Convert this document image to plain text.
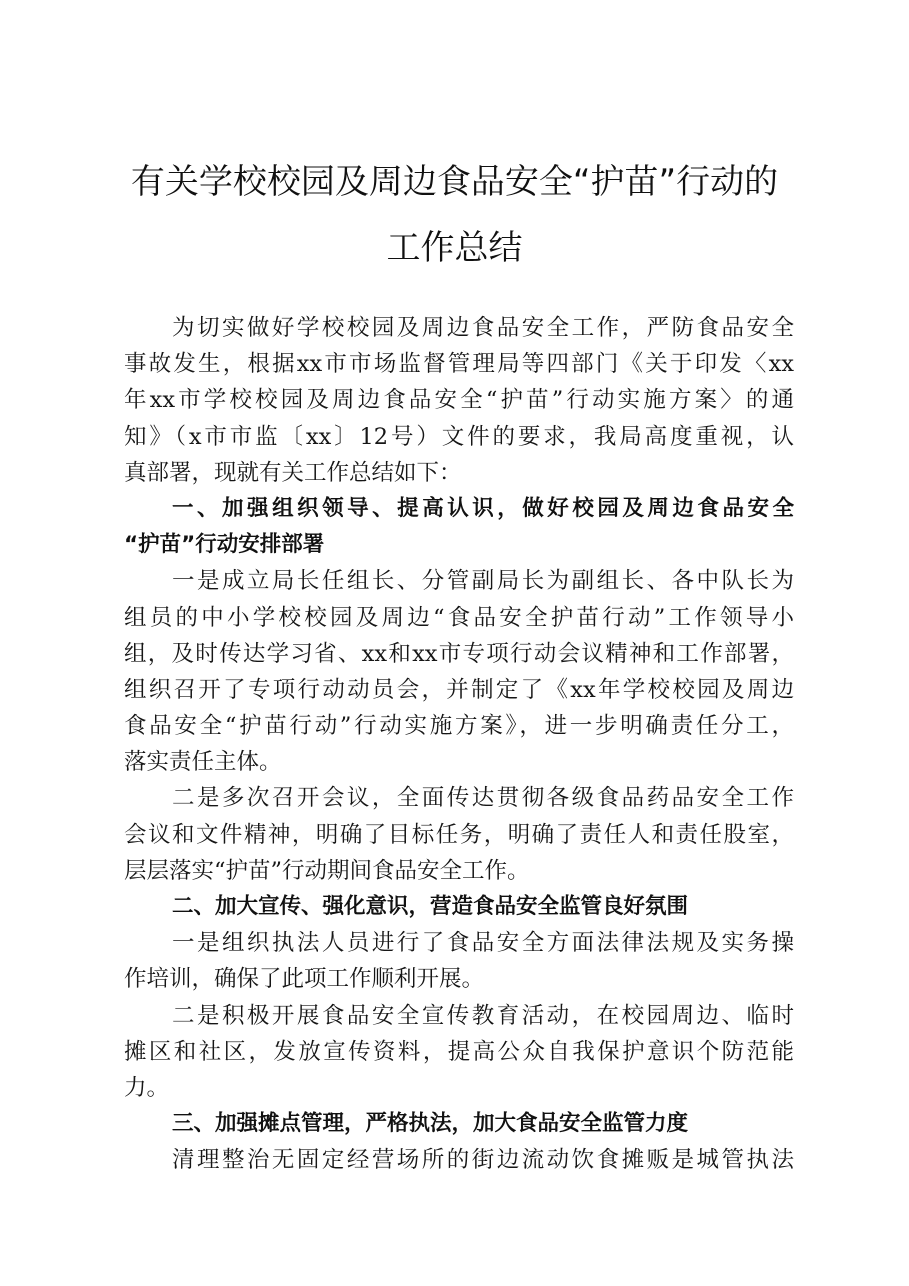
有关学校校园及周边食品安全“护苗”行动的
工作总结
为切实做好学校校园及周边食品安全工作，严防食品安全
事故发生，根据xx市市场监督管理局等四部门《关于印发〈xx
年xx市学校校园及周边食品安全“护苗”行动实施方案〉的通
知》（x市市监〔xx〕12号）文件的要求，我局高度重视，认
真部署，现就有关工作总结如下：
一、加强组织领导、提高认识，做好校园及周边食品安全
“护苗”行动安排部署
一是成立局长任组长、分管副局长为副组长、各中队长为
组员的中小学校校园及周边“食品安全护苗行动”工作领导小
组，及时传达学习省、xx和xx市专项行动会议精神和工作部署，
组织召开了专项行动动员会，并制定了《xx年学校校园及周边
食品安全“护苗行动”行动实施方案》，进一步明确责任分工，
落实责任主体。
二是多次召开会议，全面传达贯彻各级食品药品安全工作
会议和文件精神，明确了目标任务，明确了责任人和责任股室，
层层落实“护苗”行动期间食品安全工作。
二、加大宣传、强化意识，营造食品安全监管良好氛围
一是组织执法人员进行了食品安全方面法律法规及实务操
作培训，确保了此项工作顺利开展。
二是积极开展食品安全宣传教育活动，在校园周边、临时
摊区和社区，发放宣传资料，提高公众自我保护意识个防范能
力。
三、加强摊点管理，严格执法，加大食品安全监管力度
清理整治无固定经营场所的街边流动饮食摊贩是城管执法
